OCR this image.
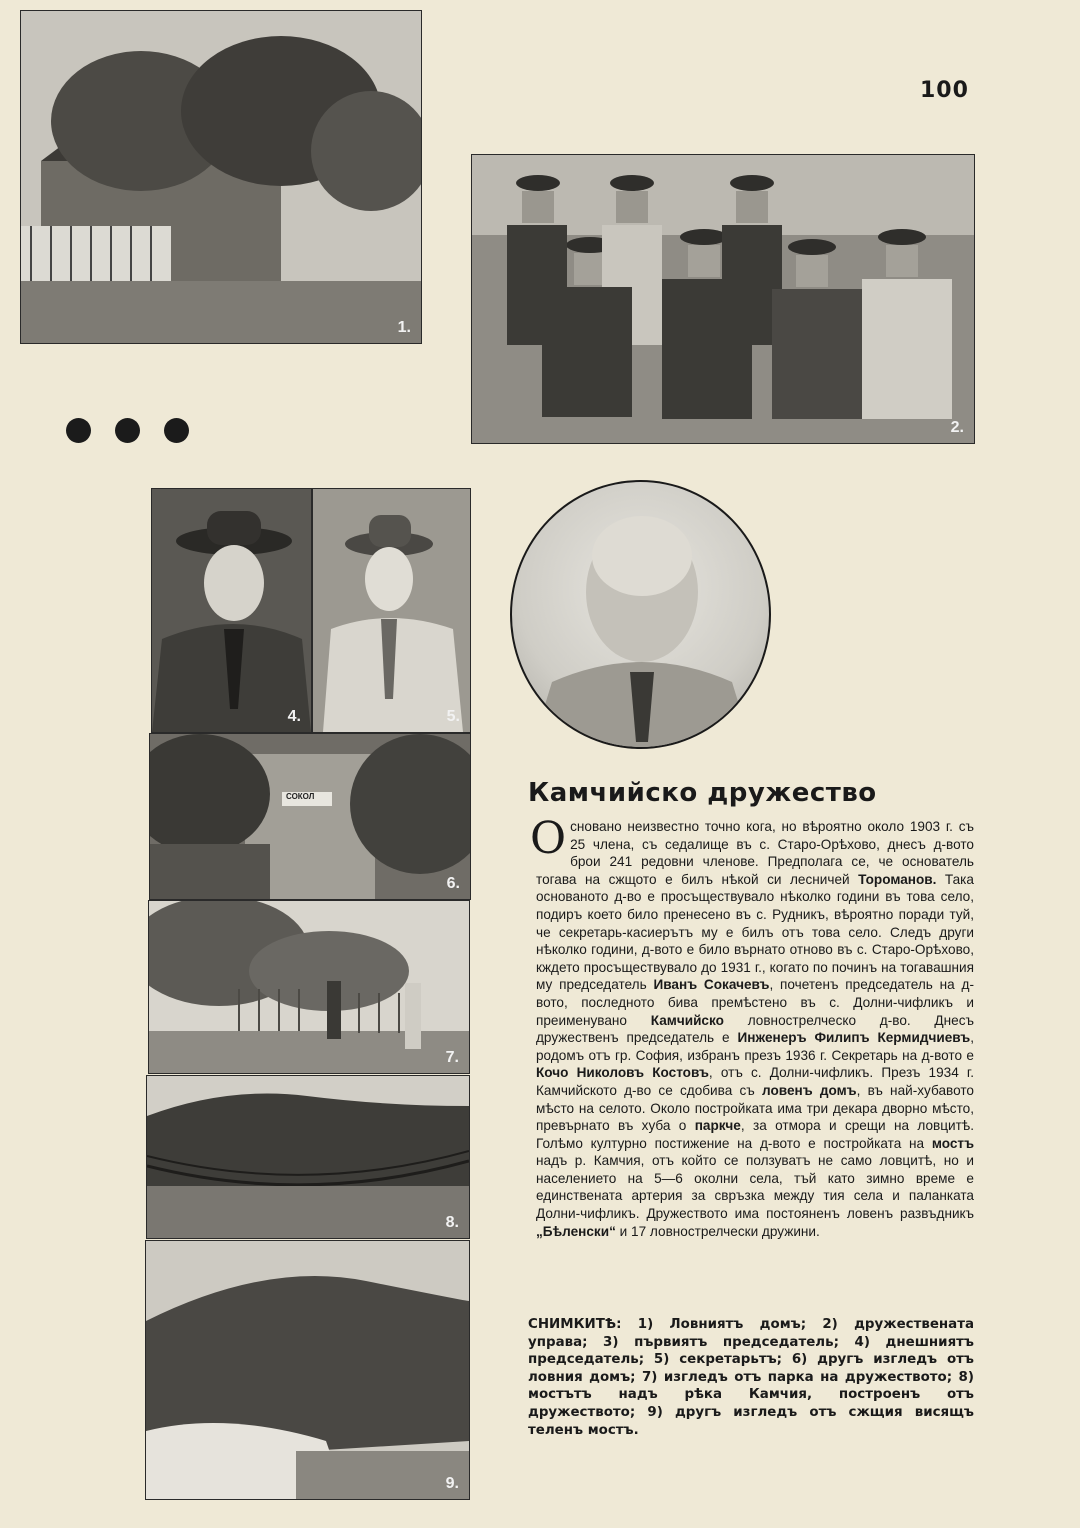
100
1.
2.
4.	5.
СОКОЛ
6.
7.
8.
9.
Камчийско дружество

Основано неизвестно точно кога, но вѣроятно около 1903 г. съ 25 члена, съ седалище въ с. Старо-Орѣхово, днесъ д-вото брои 241 редовни членове. Предполага се, че основатель тогава на сжщото е билъ нѣкой си лесничей Тороманов. Така основаното д-во е просъществувало нѣколко години въ това село, подиръ което било пренесено въ с. Рудникъ, вѣроятно поради туй, че секретарь-касиерътъ му е билъ отъ това село. Следъ други нѣколко години, д-вото е било върнато отново въ с. Старо-Орѣхово, кждето просъществувало до 1931 г., когато по починъ на тогавашния му председатель Иванъ Сокачевъ, почетенъ председатель на д-вото, последното бива премѣстено въ с. Долни-чифликъ и преименувано Камчийско ловнострелческо д-во. Днесъ дружественъ председатель е Инженеръ Филипъ Кермидчиевъ, родомъ отъ гр. София, избранъ презъ 1936 г. Секретарь на д-вото е Кочо Николовъ Костовъ, отъ с. Долни-чифликъ. Презъ 1934 г. Камчийското д-во се сдобива съ ловенъ домъ, въ най-хубавото мѣсто на селото. Около постройката има три декара дворно мѣсто, превърнато въ хуба о паркче, за отмора и срещи на ловцитѣ. Голѣмо културно постижение на д-вото е постройката на мостъ надъ р. Камчия, отъ който се ползуватъ не само ловцитѣ, но и населението на 5—6 околни села, тъй като зимно време е единствената артерия за свръзка между тия села и паланката Долни-чифликъ. Дружеството има постояненъ ловенъ развъдникъ „Бѣленски“ и 17 ловнострелчески дружини.

СНИМКИТѢ: 1) Ловниятъ домъ; 2) дружествената управа; 3) първиятъ председатель; 4) днешниятъ председатель; 5) секретарьтъ; 6) другъ изгледъ отъ ловния домъ; 7) изгледъ отъ парка на дружеството; 8) мостътъ надъ рѣка Камчия, построенъ отъ дружеството; 9) другъ изгледъ отъ сжщия висящъ теленъ мостъ.
